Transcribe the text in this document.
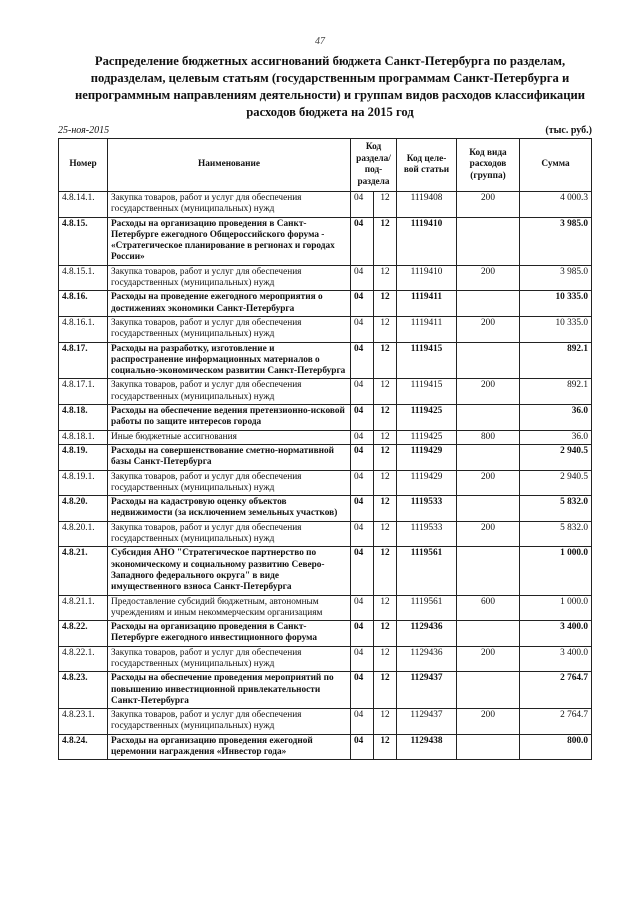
47
Распределение бюджетных ассигнований бюджета Санкт-Петербурга по разделам, подразделам, целевым статьям (государственным программам Санкт-Петербурга и непрограммным направлениям деятельности) и группам видов расходов классификации расходов бюджета на 2015 год
25-ноя-2015	(тыс. руб.)
Номер	Наименование	Код раздела/ под-раздела		Код целе-вой статьи	Код вида расходов (группа)	Сумма
4.8.14.1.	Закупка товаров, работ и услуг для обеспечения государственных (муниципальных) нужд	04	12	1119408	200	4 000.3
4.8.15.	Расходы на организацию проведения в Санкт-Петербурге ежегодного Общероссийского форума - «Стратегическое планирование в регионах и городах России»	04	12	1119410		3 985.0
4.8.15.1.	Закупка товаров, работ и услуг для обеспечения государственных (муниципальных) нужд	04	12	1119410	200	3 985.0
4.8.16.	Расходы на проведение ежегодного мероприятия о достижениях экономики Санкт-Петербурга	04	12	1119411		10 335.0
4.8.16.1.	Закупка товаров, работ и услуг для обеспечения государственных (муниципальных) нужд	04	12	1119411	200	10 335.0
4.8.17.	Расходы на разработку, изготовление и распространение информационных материалов о социально-экономическом развитии Санкт-Петербурга	04	12	1119415		892.1
4.8.17.1.	Закупка товаров, работ и услуг для обеспечения государственных (муниципальных) нужд	04	12	1119415	200	892.1
4.8.18.	Расходы на обеспечение ведения претензионно-исковой работы по защите интересов города	04	12	1119425		36.0
4.8.18.1.	Иные бюджетные ассигнования	04	12	1119425	800	36.0
4.8.19.	Расходы на совершенствование сметно-нормативной базы Санкт-Петербурга	04	12	1119429		2 940.5
4.8.19.1.	Закупка товаров, работ и услуг для обеспечения государственных (муниципальных) нужд	04	12	1119429	200	2 940.5
4.8.20.	Расходы на кадастровую оценку объектов недвижимости (за исключением земельных участков)	04	12	1119533		5 832.0
4.8.20.1.	Закупка товаров, работ и услуг для обеспечения государственных (муниципальных) нужд	04	12	1119533	200	5 832.0
4.8.21.	Субсидия АНО "Стратегическое партнерство по экономическому и социальному развитию Северо-Западного федерального округа" в виде имущественного взноса Санкт-Петербурга	04	12	1119561		1 000.0
4.8.21.1.	Предоставление субсидий бюджетным, автономным учреждениям и иным некоммерческим организациям	04	12	1119561	600	1 000.0
4.8.22.	Расходы на организацию проведения в Санкт-Петербурге ежегодного инвестиционного форума	04	12	1129436		3 400.0
4.8.22.1.	Закупка товаров, работ и услуг для обеспечения государственных (муниципальных) нужд	04	12	1129436	200	3 400.0
4.8.23.	Расходы на обеспечение проведения мероприятий по повышению инвестиционной привлекательности Санкт-Петербурга	04	12	1129437		2 764.7
4.8.23.1.	Закупка товаров, работ и услуг для обеспечения государственных (муниципальных) нужд	04	12	1129437	200	2 764.7
4.8.24.	Расходы на организацию проведения ежегодной церемонии награждения «Инвестор года»	04	12	1129438		800.0
